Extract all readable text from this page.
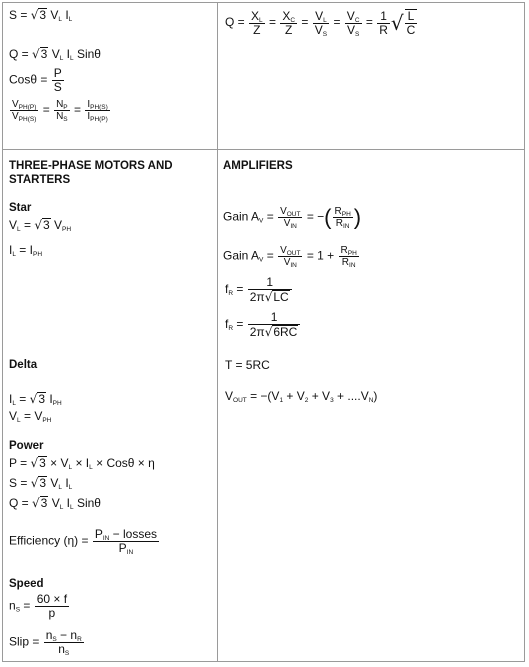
S = √3 $V_L$ $I_L$
Q = √3 $V_L$ $I_L$ Sinθ
$Cos\theta = \frac{P}{S}$
$\frac{V_{PH(P)}}{V_{PH(S)}} = \frac{N_P}{N_S} = \frac{I_{PH(S)}}{I_{PH(P)}}$
$Q = \frac{X_L}{Z} = \frac{X_C}{Z} = \frac{V_L}{V_S} = \frac{V_C}{V_S} = \frac{1}{R}$ √ $\frac{L}{C}$
THREE-PHASE MOTORS AND STARTERS
AMPLIFIERS
Star
$V_L = √3$ $V_{PH}$
$I_L = I_{PH}$
Gain $A_V = \frac{V_{OUT}}{V_{IN}}$ = −( $\frac{R_{PH}}{R_{IN}}$ )
Gain $A_V = \frac{V_{OUT}}{V_{IN}} = 1 + \frac{R_{PH}}{R_{IN}}$
$f_R = \frac{1}{2\pi√LC}$
$f_R = \frac{1}{2\pi√6RC}$
Delta	T = 5RC
$V_{OUT} = -(V_1 + V_2 + V_3 + ....V_N)$
$I_L = √3$ $I_{PH}$
$V_L = V_{PH}$
Power
$P = √3 \times V_L \times I_L \times Cos\theta \times \eta$
S = √3 $V_L$ $I_L$
Q = √3 $V_L$ $I_L$ Sinθ
Efficiency $(\eta) = \frac{P_{IN} - losses}{P_{IN}}$
Speed
$n_S = \frac{60 \times f}{p}$
Slip = $\frac{n_S - n_R}{n_S}$
